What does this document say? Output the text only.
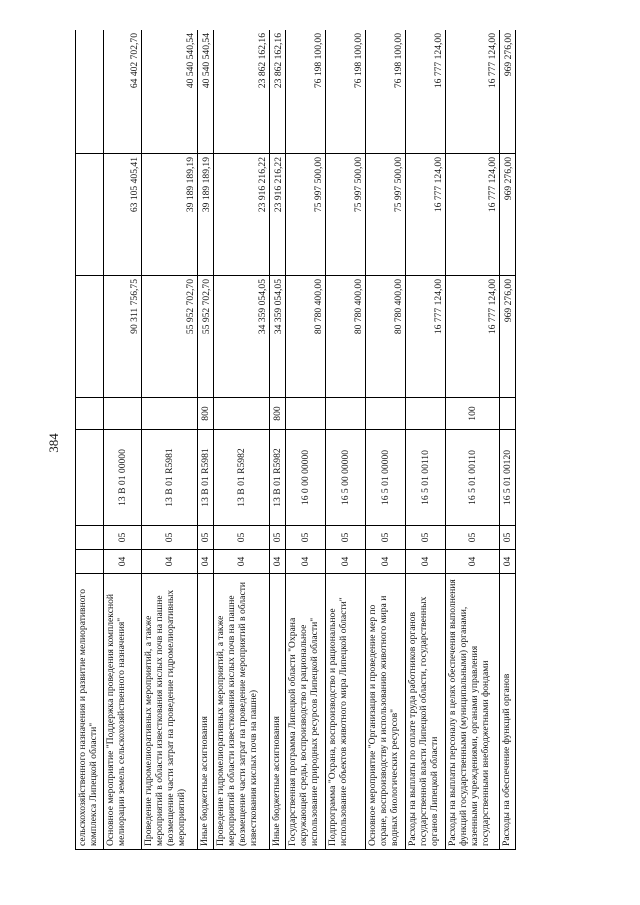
384
сельскохозяйственного назначения и развитие мелиоративного комплекса Липецкой области"							
Основное мероприятие "Поддержка проведения комплексной мелиорации земель сельскохозяйственного назначения"	04	05	13 В 01 00000		90 311 756,75	63 105 405,41	64 402 702,70
Проведение гидромелиоративных мероприятий, а также мероприятий в области известкования кислых почв на пашне (возмещение части затрат на проведение гидромелиоративных мероприятий)	04	05	13 В 01 R5981		55 952 702,70	39 189 189,19	40 540 540,54
Иные бюджетные ассигнования	04	05	13 В 01 R5981	800	55 952 702,70	39 189 189,19	40 540 540,54
Проведение гидромелиоративных мероприятий, а также мероприятий в области известкования кислых почв на пашне (возмещение части затрат на проведение мероприятий в области известкования кислых почв на пашне)	04	05	13 В 01 R5982		34 359 054,05	23 916 216,22	23 862 162,16
Иные бюджетные ассигнования	04	05	13 В 01 R5982	800	34 359 054,05	23 916 216,22	23 862 162,16
Государственная программа Липецкой области "Охрана окружающей среды, воспроизводство и рациональное использование природных ресурсов Липецкой области"	04	05	16 0 00 00000		80 780 400,00	75 997 500,00	76 198 100,00
Подпрограмма "Охрана, воспроизводство и рациональное использование объектов животного мира Липецкой области"	04	05	16 5 00 00000		80 780 400,00	75 997 500,00	76 198 100,00
Основное мероприятие "Организация и проведение мер по охране, воспроизводству и использованию животного мира и водных биологических ресурсов"	04	05	16 5 01 00000		80 780 400,00	75 997 500,00	76 198 100,00
Расходы на выплаты по оплате труда работников органов государственной власти Липецкой области, государственных органов Липецкой области	04	05	16 5 01 00110		16 777 124,00	16 777 124,00	16 777 124,00
Расходы на выплаты персоналу в целях обеспечения выполнения функций государственными (муниципальными) органами, казенными учреждениями, органами управления государственными внебюджетными фондами	04	05	16 5 01 00110	100	16 777 124,00	16 777 124,00	16 777 124,00
Расходы на обеспечение функций органов	04	05	16 5 01 00120		969 276,00	969 276,00	969 276,00
